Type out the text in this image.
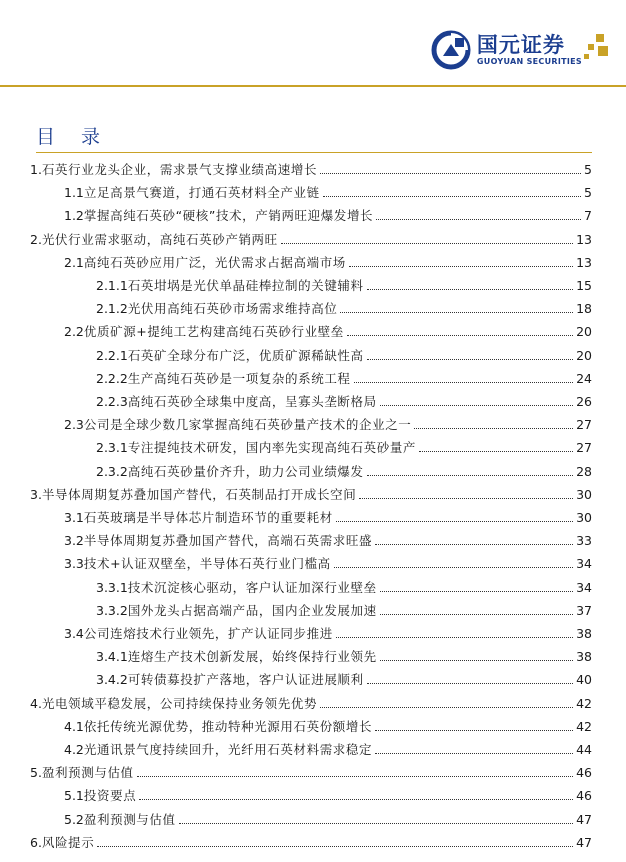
国元证券
GUOYUAN SECURITIES
目 录
1. 石英行业龙头企业，需求景气支撑业绩高速增长	5
1.1 立足高景气赛道，打通石英材料全产业链	5
1.2 掌握高纯石英砂“硬核”技术，产销两旺迎爆发增长	7
2. 光伏行业需求驱动，高纯石英砂产销两旺	13
2.1 高纯石英砂应用广泛，光伏需求占据高端市场	13
2.1.1 石英坩埚是光伏单晶硅棒拉制的关键辅料	15
2.1.2 光伏用高纯石英砂市场需求维持高位	18
2.2 优质矿源+提纯工艺构建高纯石英砂行业壁垒	20
2.2.1 石英矿全球分布广泛，优质矿源稀缺性高	20
2.2.2 生产高纯石英砂是一项复杂的系统工程	24
2.2.3 高纯石英砂全球集中度高，呈寡头垄断格局	26
2.3 公司是全球少数几家掌握高纯石英砂量产技术的企业之一	27
2.3.1 专注提纯技术研发，国内率先实现高纯石英砂量产	27
2.3.2 高纯石英砂量价齐升，助力公司业绩爆发	28
3. 半导体周期复苏叠加国产替代，石英制品打开成长空间	30
3.1 石英玻璃是半导体芯片制造环节的重要耗材	30
3.2 半导体周期复苏叠加国产替代，高端石英需求旺盛	33
3.3 技术+认证双壁垒，半导体石英行业门槛高	34
3.3.1 技术沉淀核心驱动，客户认证加深行业壁垒	34
3.3.2 国外龙头占据高端产品，国内企业发展加速	37
3.4 公司连熔技术行业领先，扩产认证同步推进	38
3.4.1 连熔生产技术创新发展，始终保持行业领先	38
3.4.2 可转债募投扩产落地，客户认证进展顺利	40
4. 光电领域平稳发展，公司持续保持业务领先优势	42
4.1 依托传统光源优势，推动特种光源用石英份额增长	42
4.2 光通讯景气度持续回升，光纤用石英材料需求稳定	44
5. 盈利预测与估值	46
5.1 投资要点	46
5.2 盈利预测与估值	47
6. 风险提示	47
